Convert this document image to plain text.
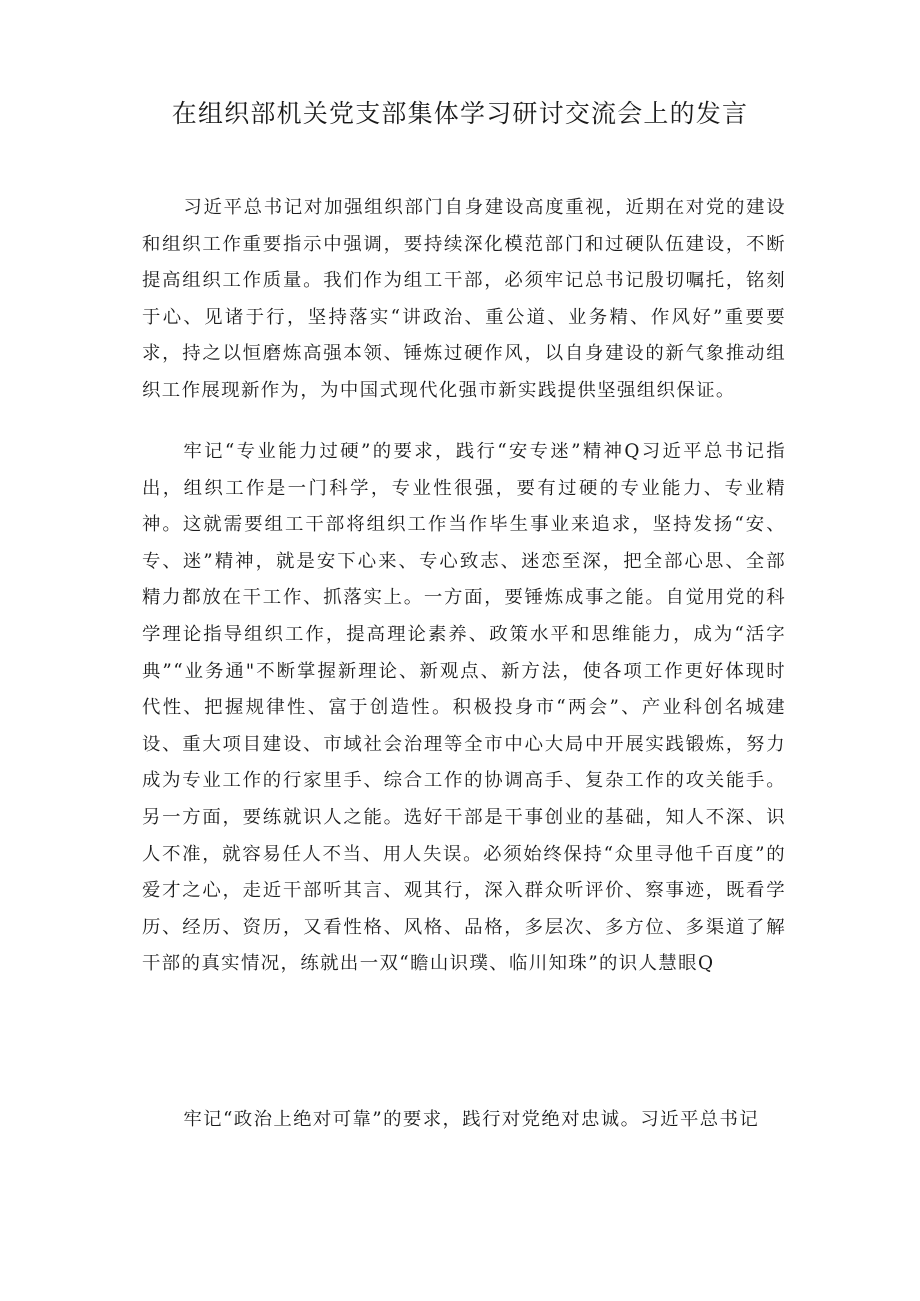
在组织部机关党支部集体学习研讨交流会上的发言

习近平总书记对加强组织部门自身建设高度重视，近期在对党的建设和组织工作重要指示中强调，要持续深化模范部门和过硬队伍建设，不断提高组织工作质量。我们作为组工干部，必须牢记总书记殷切嘱托，铭刻于心、见诸于行，坚持落实“讲政治、重公道、业务精、作风好”重要要求，持之以恒磨炼高强本领、锤炼过硬作风，以自身建设的新气象推动组织工作展现新作为，为中国式现代化强市新实践提供坚强组织保证。

牢记“专业能力过硬”的要求，践行“安专迷”精神Q习近平总书记指出，组织工作是一门科学，专业性很强，要有过硬的专业能力、专业精神。这就需要组工干部将组织工作当作毕生事业来追求，坚持发扬“安、专、迷”精神，就是安下心来、专心致志、迷恋至深，把全部心思、全部精力都放在干工作、抓落实上。一方面，要锤炼成事之能。自觉用党的科学理论指导组织工作，提高理论素养、政策水平和思维能力，成为“活字典”“业务通"不断掌握新理论、新观点、新方法，使各项工作更好体现时代性、把握规律性、富于创造性。积极投身市“两会”、产业科创名城建设、重大项目建设、市域社会治理等全市中心大局中开展实践锻炼，努力成为专业工作的行家里手、综合工作的协调高手、复杂工作的攻关能手。另一方面，要练就识人之能。选好干部是干事创业的基础，知人不深、识人不准，就容易任人不当、用人失误。必须始终保持“众里寻他千百度”的爱才之心，走近干部听其言、观其行，深入群众听评价、察事迹，既看学历、经历、资历，又看性格、风格、品格，多层次、多方位、多渠道了解干部的真实情况，练就出一双“瞻山识璞、临川知珠”的识人慧眼Q

牢记“政治上绝对可靠”的要求，践行对党绝对忠诚。习近平总书记
